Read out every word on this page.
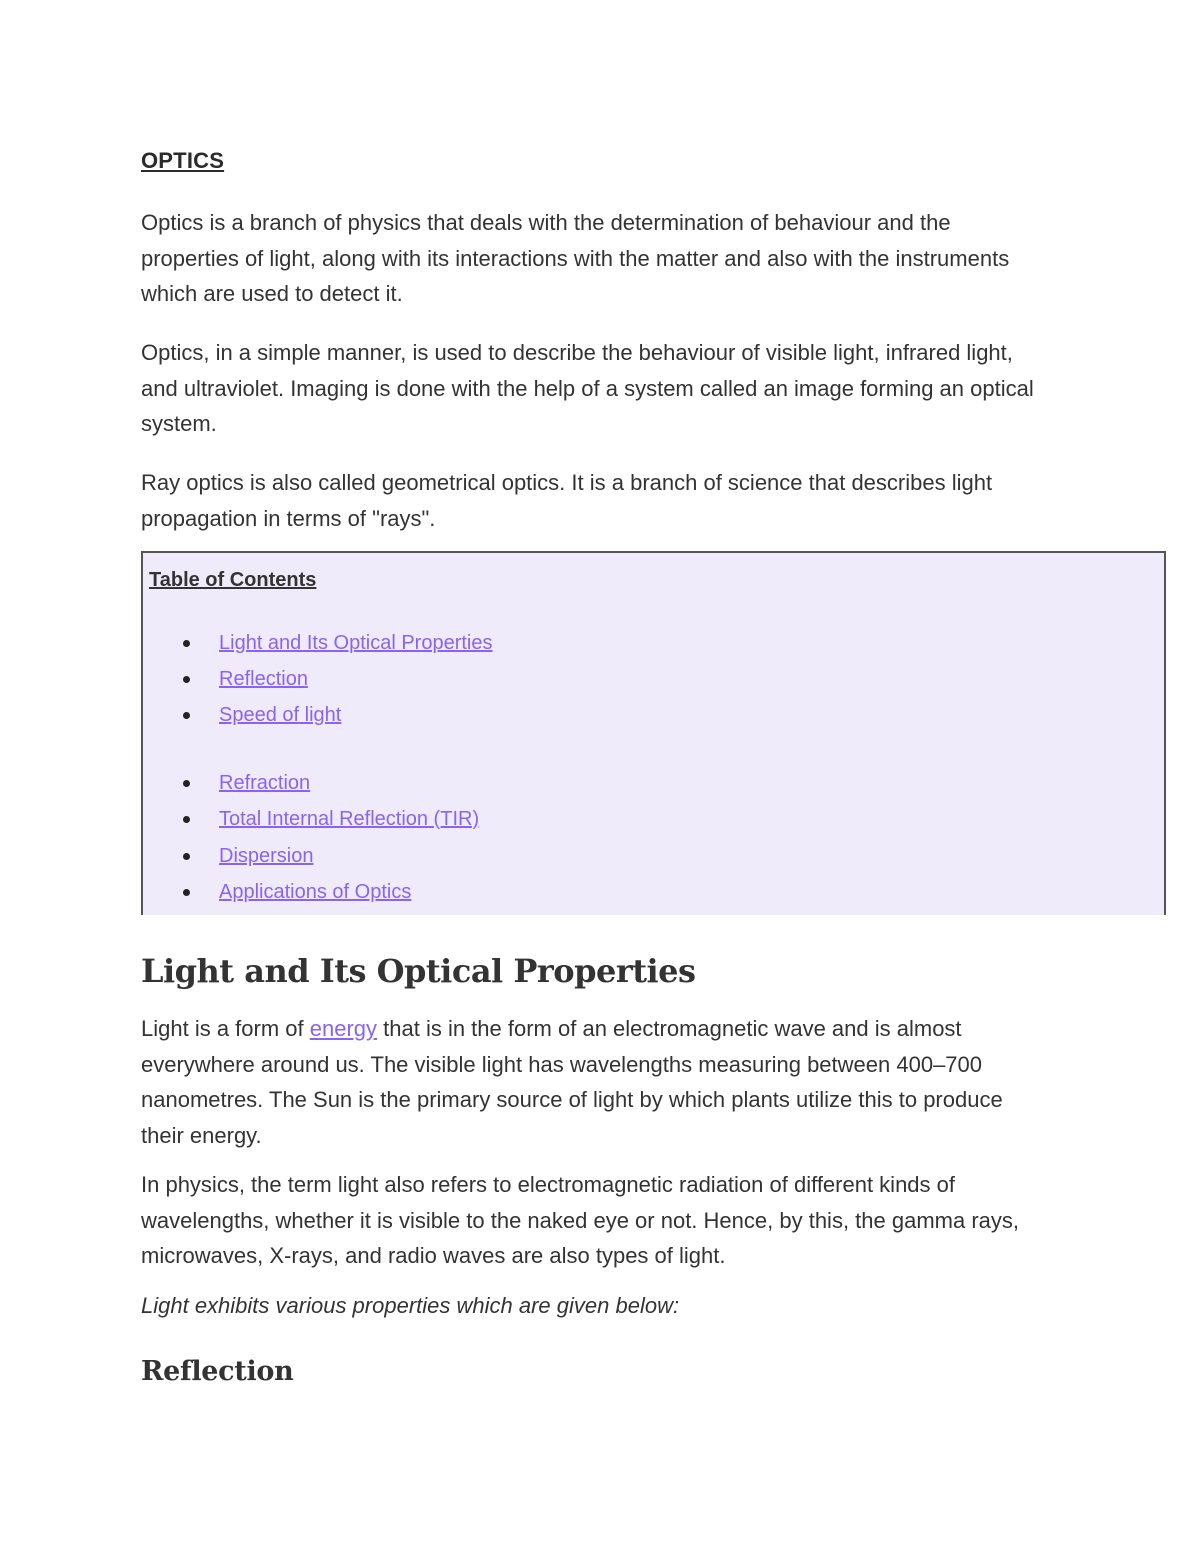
OPTICS

Optics is a branch of physics that deals with the determination of behaviour and the properties of light, along with its interactions with the matter and also with the instruments which are used to detect it.

Optics, in a simple manner, is used to describe the behaviour of visible light, infrared light, and ultraviolet. Imaging is done with the help of a system called an image forming an optical system.

Ray optics is also called geometrical optics. It is a branch of science that describes light propagation in terms of "rays".

Table of Contents
Light and Its Optical Properties
Reflection
Speed of light
Refraction
Total Internal Reflection (TIR)
Dispersion
Applications of Optics
Light and Its Optical Properties

Light is a form of energy that is in the form of an electromagnetic wave and is almost everywhere around us. The visible light has wavelengths measuring between 400–700 nanometres. The Sun is the primary source of light by which plants utilize this to produce their energy.

In physics, the term light also refers to electromagnetic radiation of different kinds of wavelengths, whether it is visible to the naked eye or not. Hence, by this, the gamma rays, microwaves, X-rays, and radio waves are also types of light.

Light exhibits various properties which are given below:

Reflection
